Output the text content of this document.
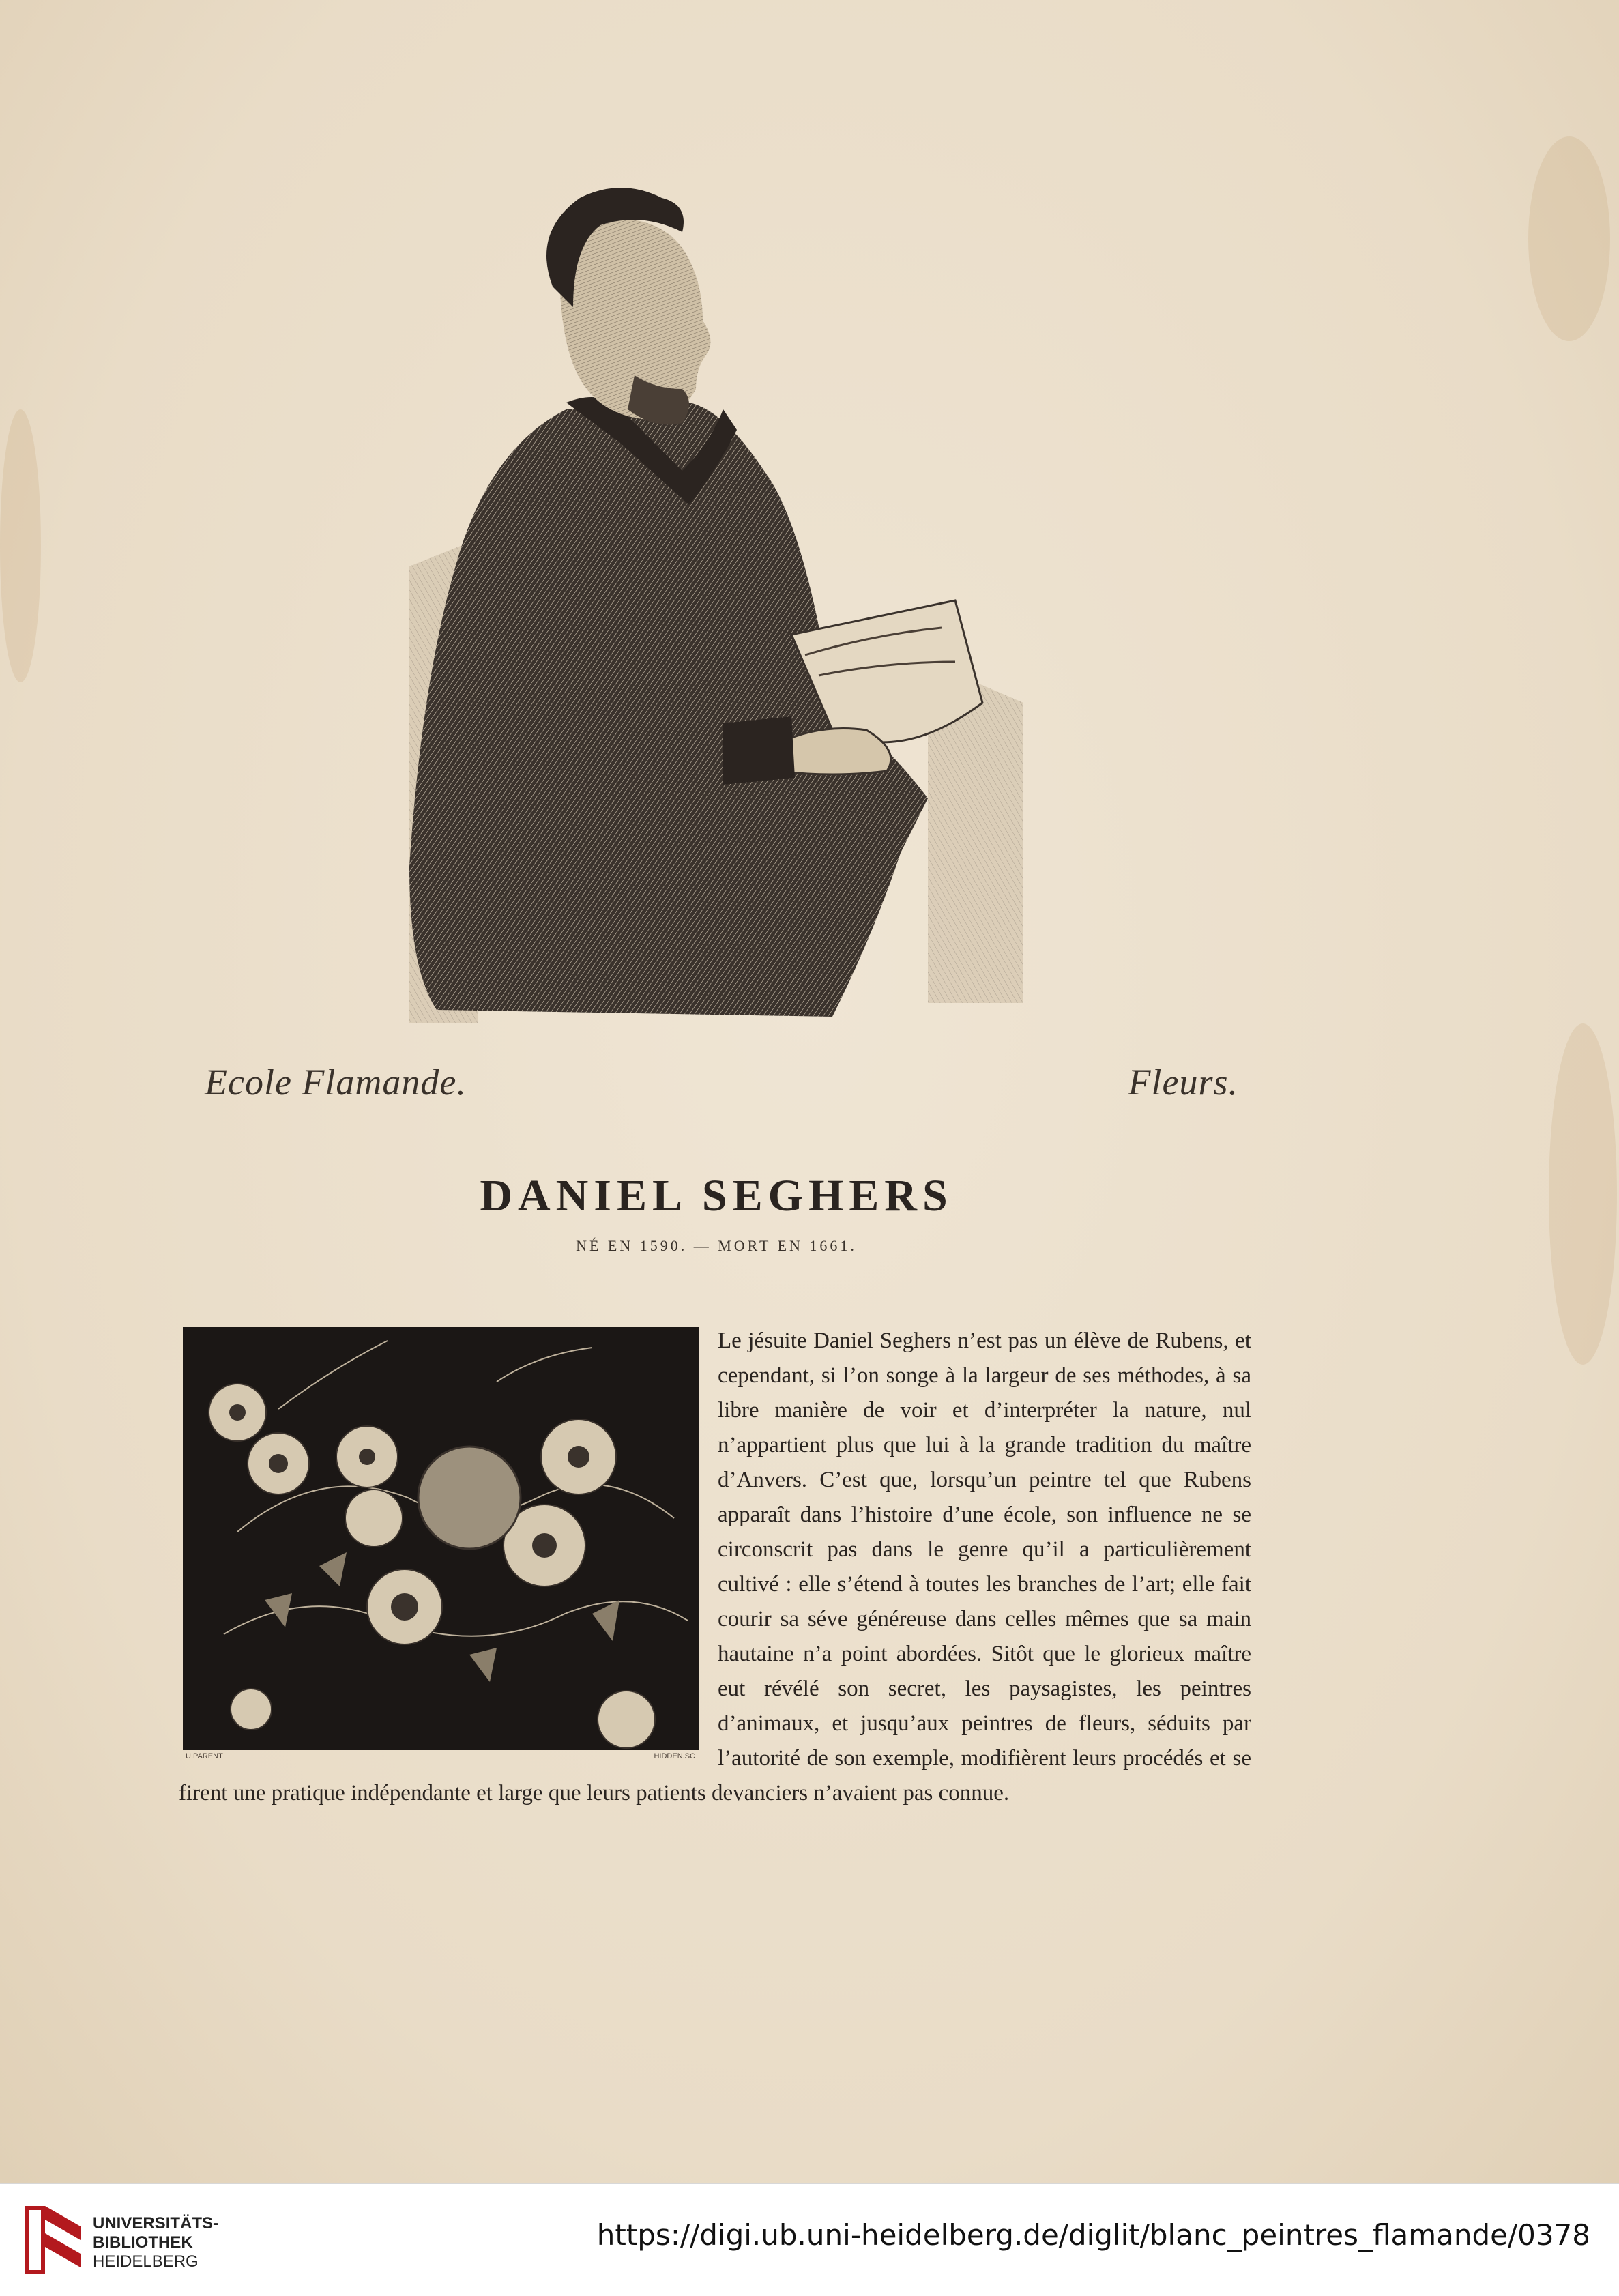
Ecole Flamande.	Fleurs.
DANIEL SEGHERS
NÉ EN 1590. — MORT EN 1661.
U.PARENT	HIDDEN.SC
Le jésuite Daniel Seghers n’est pas un élève de Rubens, et cependant, si l’on songe à la largeur de ses méthodes, à sa libre manière de voir et d’interpréter la nature, nul n’appartient plus que lui à la grande tradition du maître d’Anvers. C’est que, lorsqu’un peintre tel que Rubens apparaît dans l’histoire d’une école, son influence ne se circonscrit pas dans le genre qu’il a particulièrement cultivé : elle s’étend à toutes les branches de l’art; elle fait courir sa séve généreuse dans celles mêmes que sa main hautaine n’a point abordées. Sitôt que le glorieux maître eut révélé son secret, les paysagistes, les peintres d’animaux, et jusqu’aux peintres de fleurs, séduits par l’autorité de son exemple, modifièrent leurs procédés et se firent une pratique indépendante et large que leurs patients devanciers n’avaient pas connue.
UNIVERSITÄTS-
BIBLIOTHEK
HEIDELBERG
https://digi.ub.uni-heidelberg.de/diglit/blanc_peintres_flamande/0378
